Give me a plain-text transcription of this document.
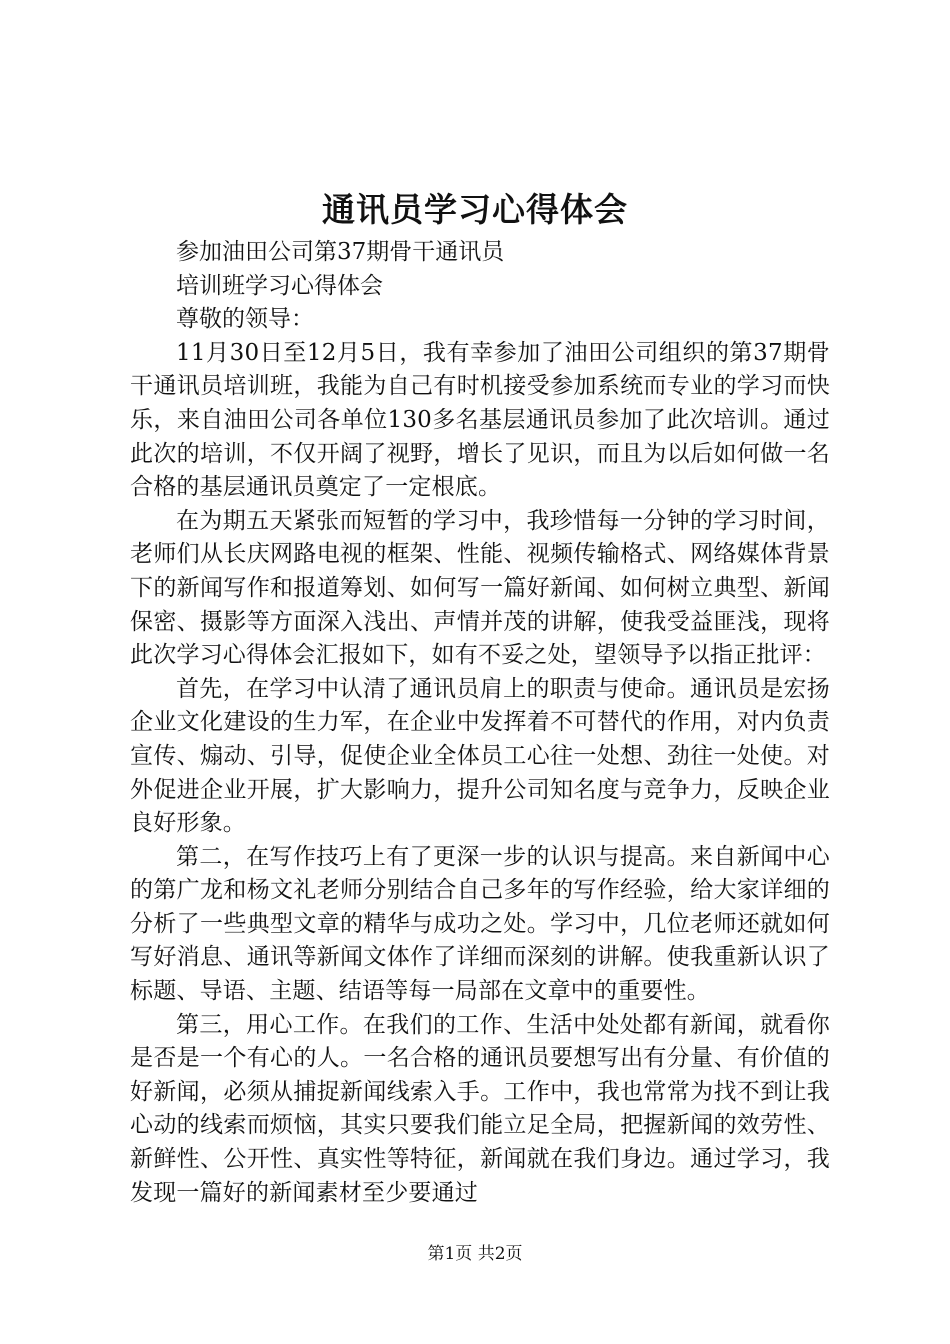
通讯员学习心得体会

参加油田公司第37期骨干通讯员

培训班学习心得体会

尊敬的领导：

11月30日至12月5日，我有幸参加了油田公司组织的第37期骨干通讯员培训班，我能为自己有时机接受参加系统而专业的学习而快乐，来自油田公司各单位130多名基层通讯员参加了此次培训。通过此次的培训，不仅开阔了视野，增长了见识，而且为以后如何做一名合格的基层通讯员奠定了一定根底。

在为期五天紧张而短暂的学习中，我珍惜每一分钟的学习时间，老师们从长庆网路电视的框架、性能、视频传输格式、网络媒体背景下的新闻写作和报道筹划、如何写一篇好新闻、如何树立典型、新闻保密、摄影等方面深入浅出、声情并茂的讲解，使我受益匪浅，现将此次学习心得体会汇报如下，如有不妥之处，望领导予以指正批评：

首先，在学习中认清了通讯员肩上的职责与使命。通讯员是宏扬企业文化建设的生力军，在企业中发挥着不可替代的作用，对内负责宣传、煽动、引导，促使企业全体员工心往一处想、劲往一处使。对外促进企业开展，扩大影响力，提升公司知名度与竞争力，反映企业良好形象。

第二，在写作技巧上有了更深一步的认识与提高。来自新闻中心的第广龙和杨文礼老师分别结合自己多年的写作经验，给大家详细的分析了一些典型文章的精华与成功之处。学习中，几位老师还就如何写好消息、通讯等新闻文体作了详细而深刻的讲解。使我重新认识了标题、导语、主题、结语等每一局部在文章中的重要性。

第三，用心工作。在我们的工作、生活中处处都有新闻，就看你是否是一个有心的人。一名合格的通讯员要想写出有分量、有价值的好新闻，必须从捕捉新闻线索入手。工作中，我也常常为找不到让我心动的线索而烦恼，其实只要我们能立足全局，把握新闻的效劳性、新鲜性、公开性、真实性等特征，新闻就在我们身边。通过学习，我发现一篇好的新闻素材至少要通过

第1页 共2页
